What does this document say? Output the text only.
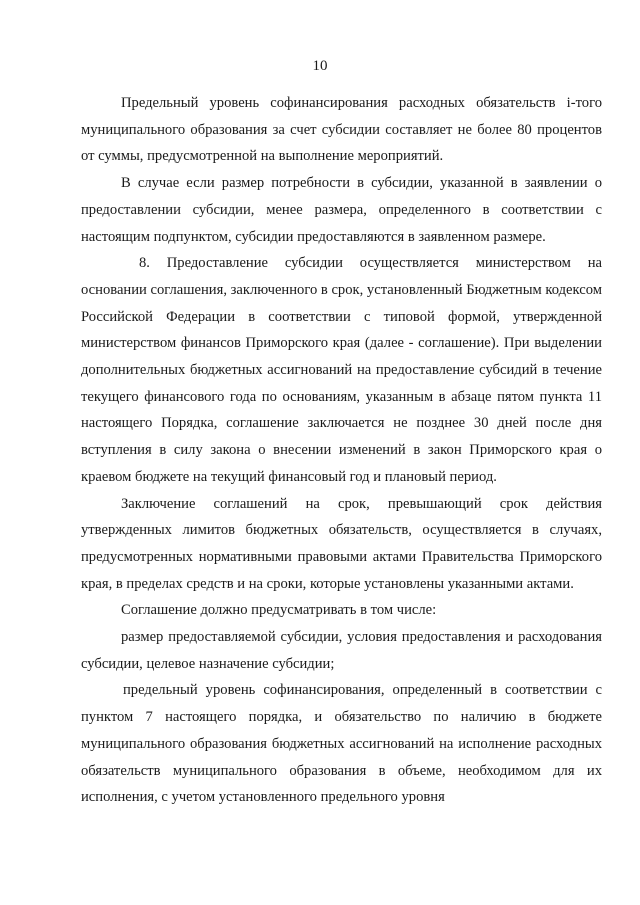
10

Предельный уровень софинансирования расходных обязательств i-того муниципального образования за счет субсидии составляет не более 80 процентов от суммы, предусмотренной на выполнение мероприятий.

В случае если размер потребности в субсидии, указанной в заявлении о предоставлении субсидии, менее размера, определенного в соответствии с настоящим подпунктом, субсидии предоставляются в заявленном размере.

8. Предоставление субсидии осуществляется министерством на основании соглашения, заключенного в срок, установленный Бюджетным кодексом Российской Федерации в соответствии с типовой формой, утвержденной министерством финансов Приморского края (далее - соглашение). При выделении дополнительных бюджетных ассигнований на предоставление субсидий в течение текущего финансового года по основаниям, указанным в абзаце пятом пункта 11 настоящего Порядка, соглашение заключается не позднее 30 дней после дня вступления в силу закона о внесении изменений в закон Приморского края о краевом бюджете на текущий финансовый год и плановый период.

Заключение соглашений на срок, превышающий срок действия утвержденных лимитов бюджетных обязательств, осуществляется в случаях, предусмотренных нормативными правовыми актами Правительства Приморского края, в пределах средств и на сроки, которые установлены указанными актами.

Соглашение должно предусматривать в том числе:

размер предоставляемой субсидии, условия предоставления и расходования субсидии, целевое назначение субсидии;

предельный уровень софинансирования, определенный в соответствии с пунктом 7 настоящего порядка, и обязательство по наличию в бюджете муниципального образования бюджетных ассигнований на исполнение расходных обязательств муниципального образования в объеме, необходимом для их исполнения, с учетом установленного предельного уровня
